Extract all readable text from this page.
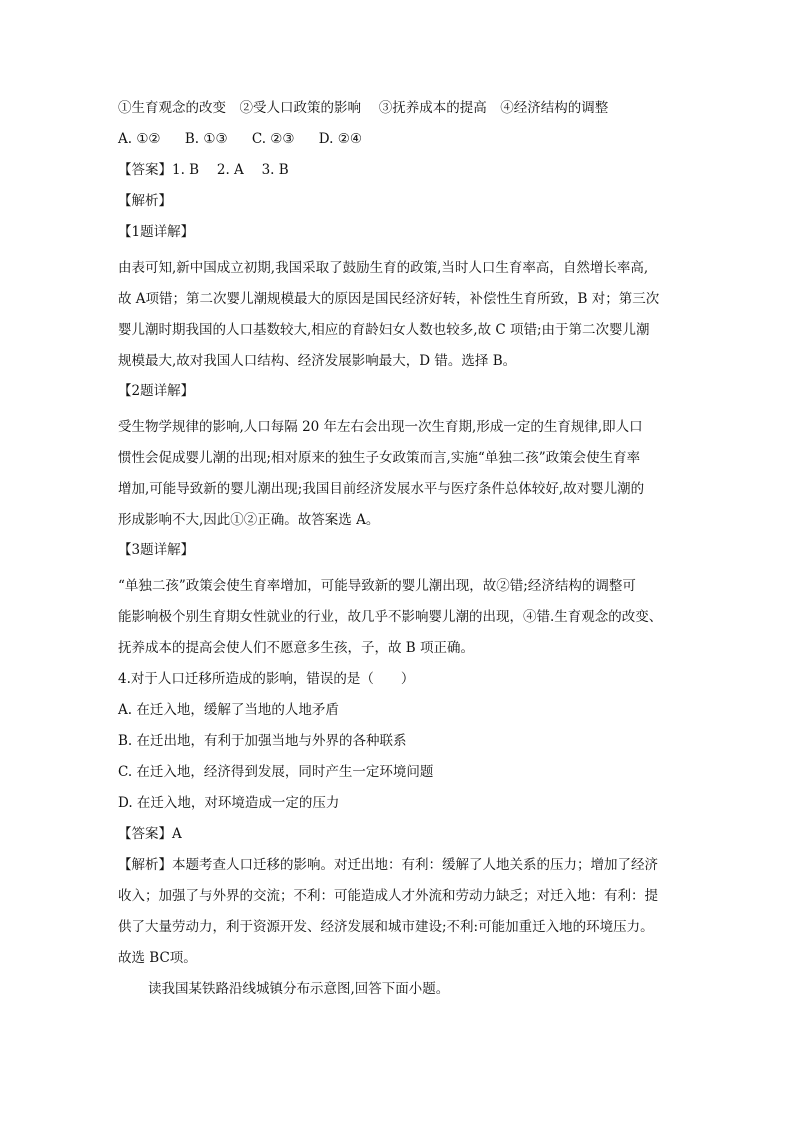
①生育观念的改变　②受人口政策的影响　 ③抚养成本的提高　④经济结构的调整

A. ①② B. ①③ C. ②③ D. ②④

【答案】1. B　 2. A　 3. B

【解析】

【1题详解】

由表可知,新中国成立初期,我国采取了鼓励生育的政策,当时人口生育率高，自然增长率高,
故 A项错；第二次婴儿潮规模最大的原因是国民经济好转，补偿性生育所致，B 对；第三次
婴儿潮时期我国的人口基数较大,相应的育龄妇女人数也较多,故 C 项错;由于第二次婴儿潮
规模最大,故对我国人口结构、经济发展影响最大，D 错。选择 B。

【2题详解】

受生物学规律的影响,人口每隔 20 年左右会出现一次生育期,形成一定的生育规律,即人口
惯性会促成婴儿潮的出现;相对原来的独生子女政策而言,实施“单独二孩”政策会使生育率
增加,可能导致新的婴儿潮出现;我国目前经济发展水平与医疗条件总体较好,故对婴儿潮的
形成影响不大,因此①②正确。故答案选 A。

【3题详解】

“单独二孩”政策会使生育率增加，可能导致新的婴儿潮出现，故②错;经济结构的调整可
能影响极个别生育期女性就业的行业，故几乎不影响婴儿潮的出现，④错.生育观念的改变、
抚养成本的提高会使人们不愿意多生孩，子，故 B 项正确。
4.对于人口迁移所造成的影响，错误的是（　　）
A. 在迁入地，缓解了当地的人地矛盾
B. 在迁出地，有利于加强当地与外界的各种联系
C. 在迁入地，经济得到发展，同时产生一定环境问题
D. 在迁入地，对环境造成一定的压力
【答案】A
【解析】本题考查人口迁移的影响。对迁出地：有利：缓解了人地关系的压力；增加了经济
收入；加强了与外界的交流；不利：可能造成人才外流和劳动力缺乏；对迁入地：有利：提
供了大量劳动力，利于资源开发、经济发展和城市建设;不利:可能加重迁入地的环境压力。
故选 BC项。
读我国某铁路沿线城镇分布示意图,回答下面小题。
